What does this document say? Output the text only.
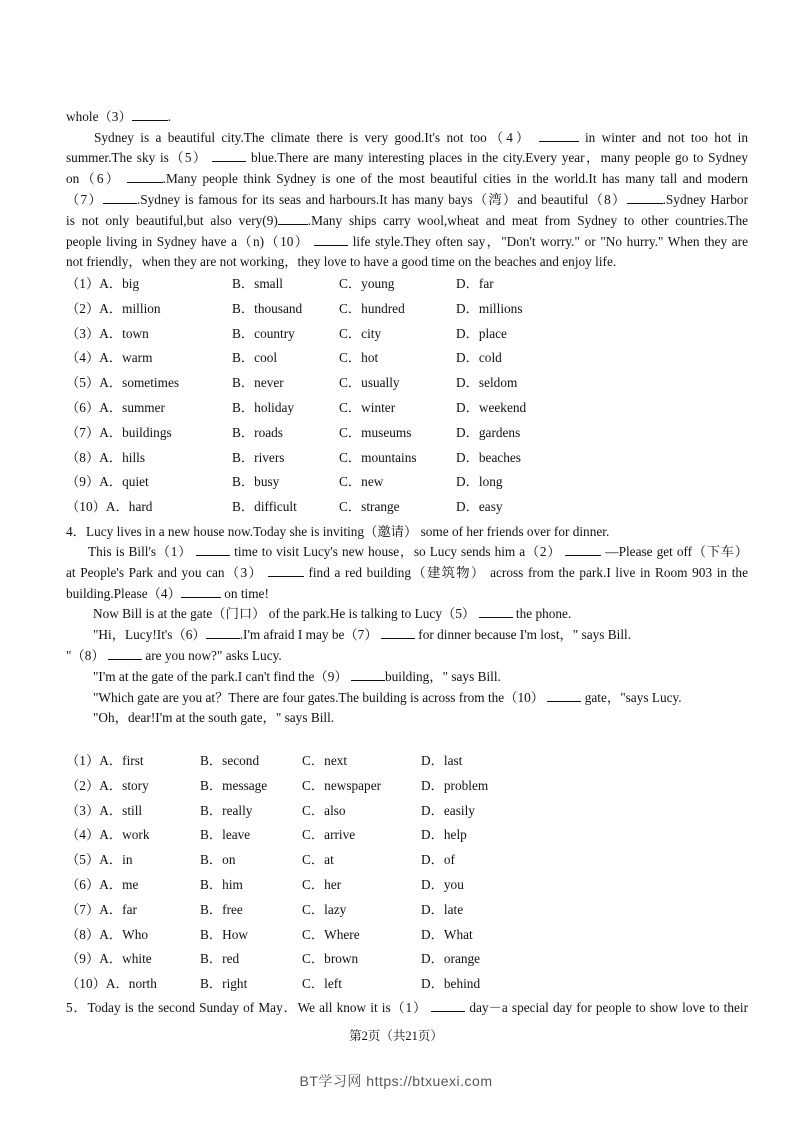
whole（3）	.
Sydney is a beautiful city.The climate there is very good.It's not too（4）	in winter and not too hot in
summer.The sky is（5）	blue.There are many interesting places in the city.Every year，many people go to Sydney
on（6）	.Many people think Sydney is one of the most beautiful cities in the world.It has many tall and modern
（7）	.Sydney is famous for its seas and harbours.It has many bays（湾）and beautiful（8）	.Sydney Harbor
is not only beautiful,but also very(9) .Many ships carry wool,wheat and meat from Sydney to other countries.The
people living in Sydney have a（n)（10）	life style.They often say，"Don't worry." or "No hurry." When they are
not friendly，when they are not working，they love to have a good time on the beaches and enjoy life.
（1）A．big	B．small	C．young	D．far
（2）A．million	B．thousand	C．hundred	D．millions
（3）A．town	B．country	C．city	D．place
（4）A．warm	B．cool	C．hot	D．cold
（5）A．sometimes	B．never	C．usually	D．seldom
（6）A．summer	B．holiday	C．winter	D．weekend
（7）A．buildings	B．roads	C．museums	D．gardens
（8）A．hills	B．rivers	C．mountains	D．beaches
（9）A．quiet	B．busy	C．new	D．long
（10）A．hard	B．difficult	C．strange	D．easy
4．Lucy lives in a new house now.Today she is inviting（邀请） some of her friends over for dinner.
This is Bill's（1）	time to visit Lucy's new house，so Lucy sends him a（2）	—Please get off（下车）
at People's Park and you can（3）	find a red building（建筑物） across from the park.I live in Room 903 in the
building.Please（4）	on time!
Now Bill is at the gate（门口） of the park.He is talking to Lucy（5）	the phone.
"Hi，Lucy!It's（6）	.I'm afraid I may be（7）	for dinner because I'm lost，" says Bill.
"（8）	are you now?" asks Lucy.
"I'm at the gate of the park.I can't find the（9）	building，" says Bill.
"Which gate are you at？There are four gates.The building is across from the（10）	gate，"says Lucy.
"Oh，dear!I'm at the south gate，" says Bill.
（1）A．first	B．second	C．next	D．last
（2）A．story	B．message	C．newspaper	D．problem
（3）A．still	B．really	C．also	D．easily
（4）A．work	B．leave	C．arrive	D．help
（5）A．in	B．on	C．at	D．of
（6）A．me	B．him	C．her	D．you
（7）A．far	B．free	C．lazy	D．late
（8）A．Who	B．How	C．Where	D．What
（9）A．white	B．red	C．brown	D．orange
（10）A．north	B．right	C．left	D．behind
5．Today is the second Sunday of May．We all know it is（1）	day－a special day for people to show love to their
第2页（共21页）
BT学习网 https://btxuexi.com
